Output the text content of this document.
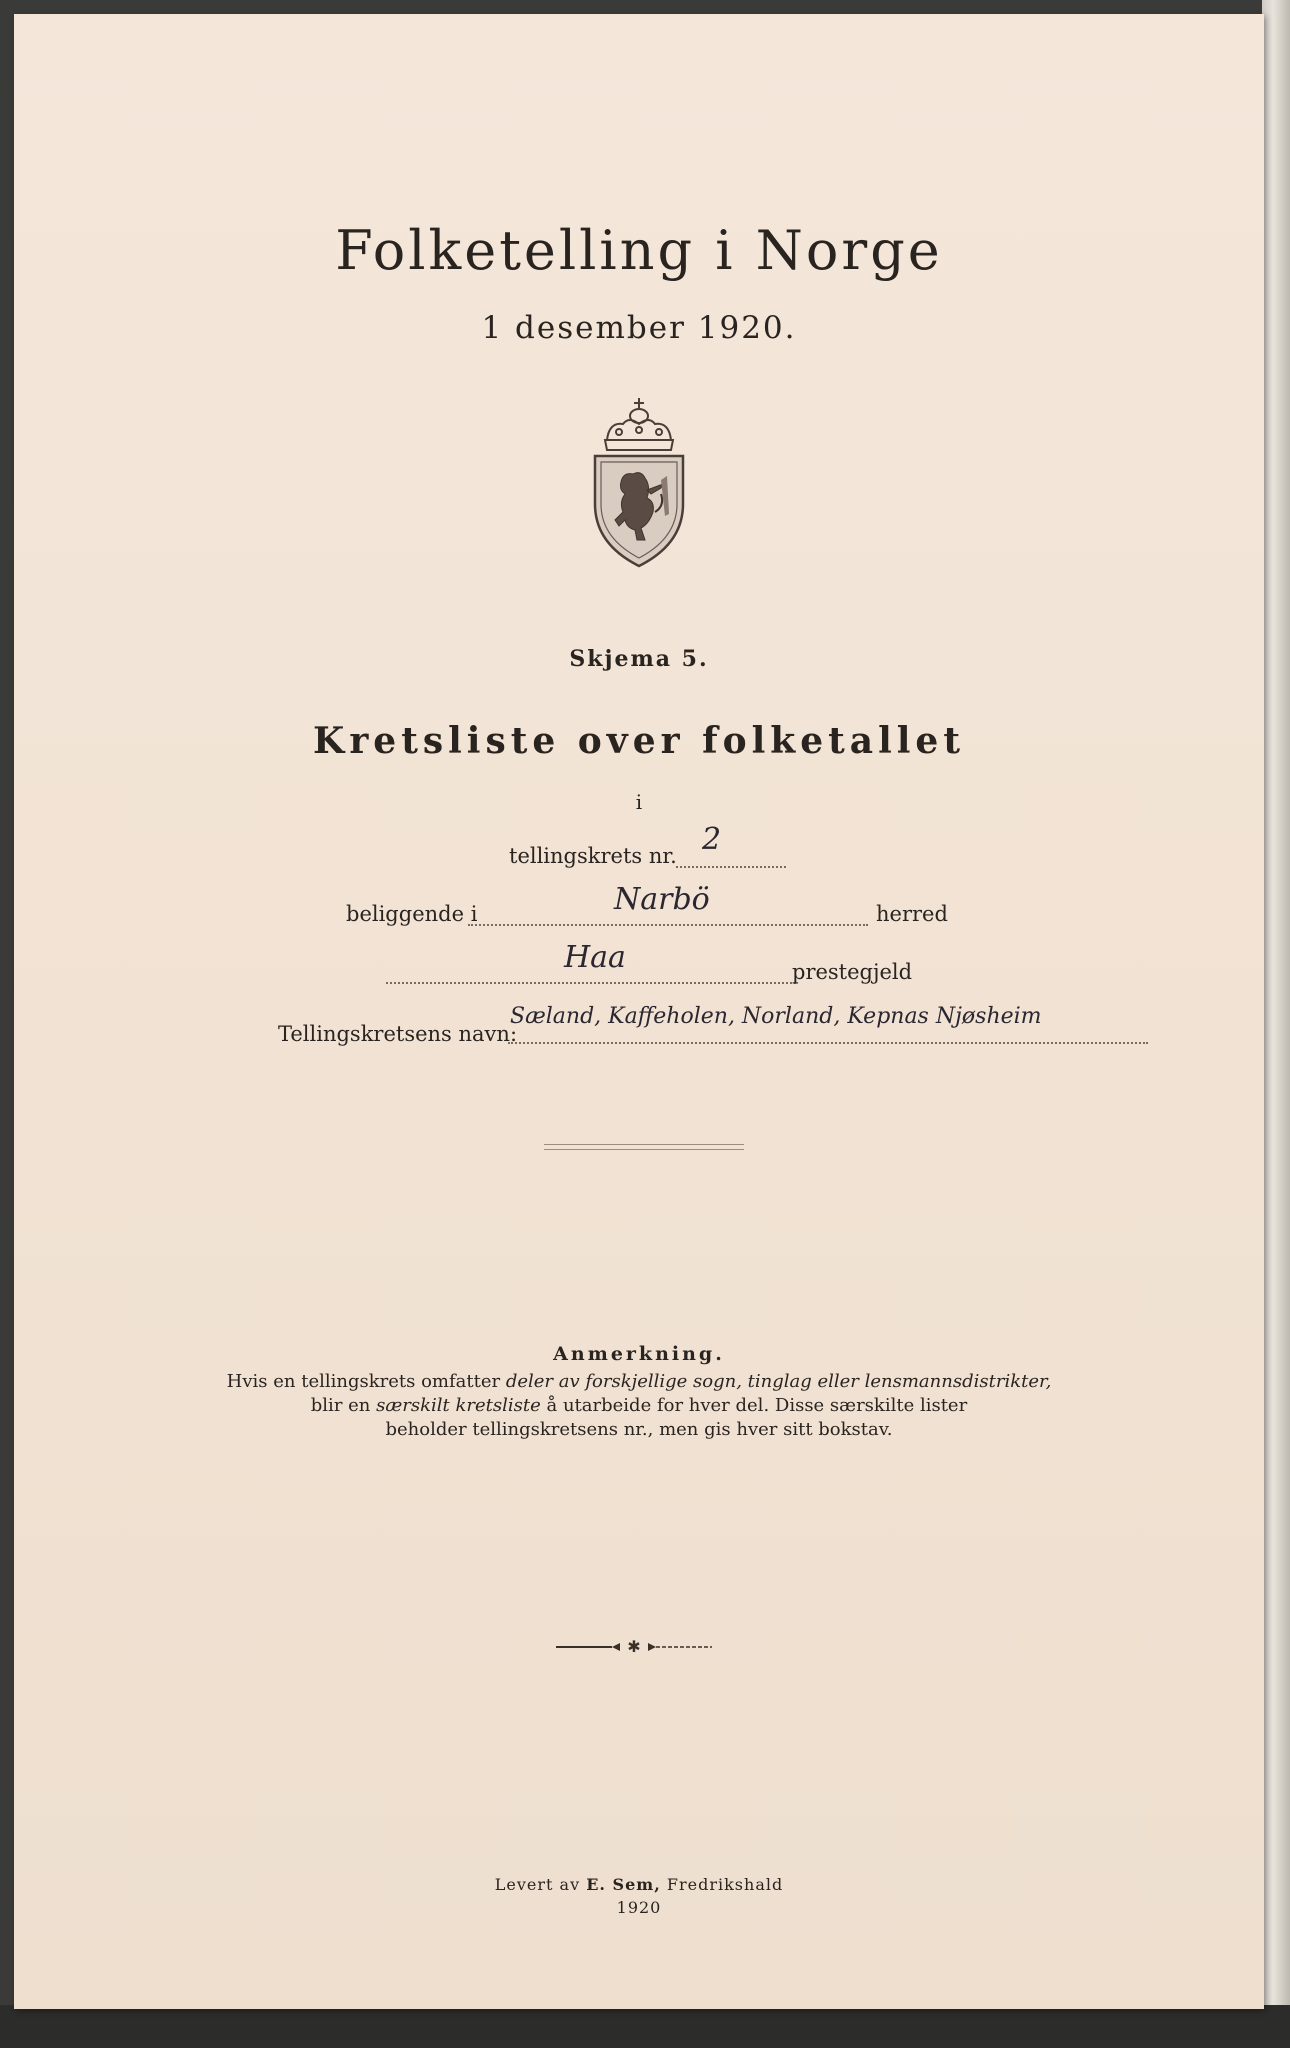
Folketelling i Norge
1 desember 1920.
Skjema 5.
Kretsliste over folketallet
i
tellingskrets nr. 2
beliggende i	Narbö	herred
Haa	prestegjeld
Tellingskretsens navn:
Sæland, Kaffeholen, Norland, Kepnas Njøsheim
Anmerkning.
Hvis en tellingskrets omfatter deler av forskjellige sogn, tinglag eller lensmannsdistrikter,
blir en særskilt kretsliste å utarbeide for hver del. Disse særskilte lister
beholder tellingskretsens nr., men gis hver sitt bokstav.
✱
Levert av E. Sem, Fredrikshald
1920
